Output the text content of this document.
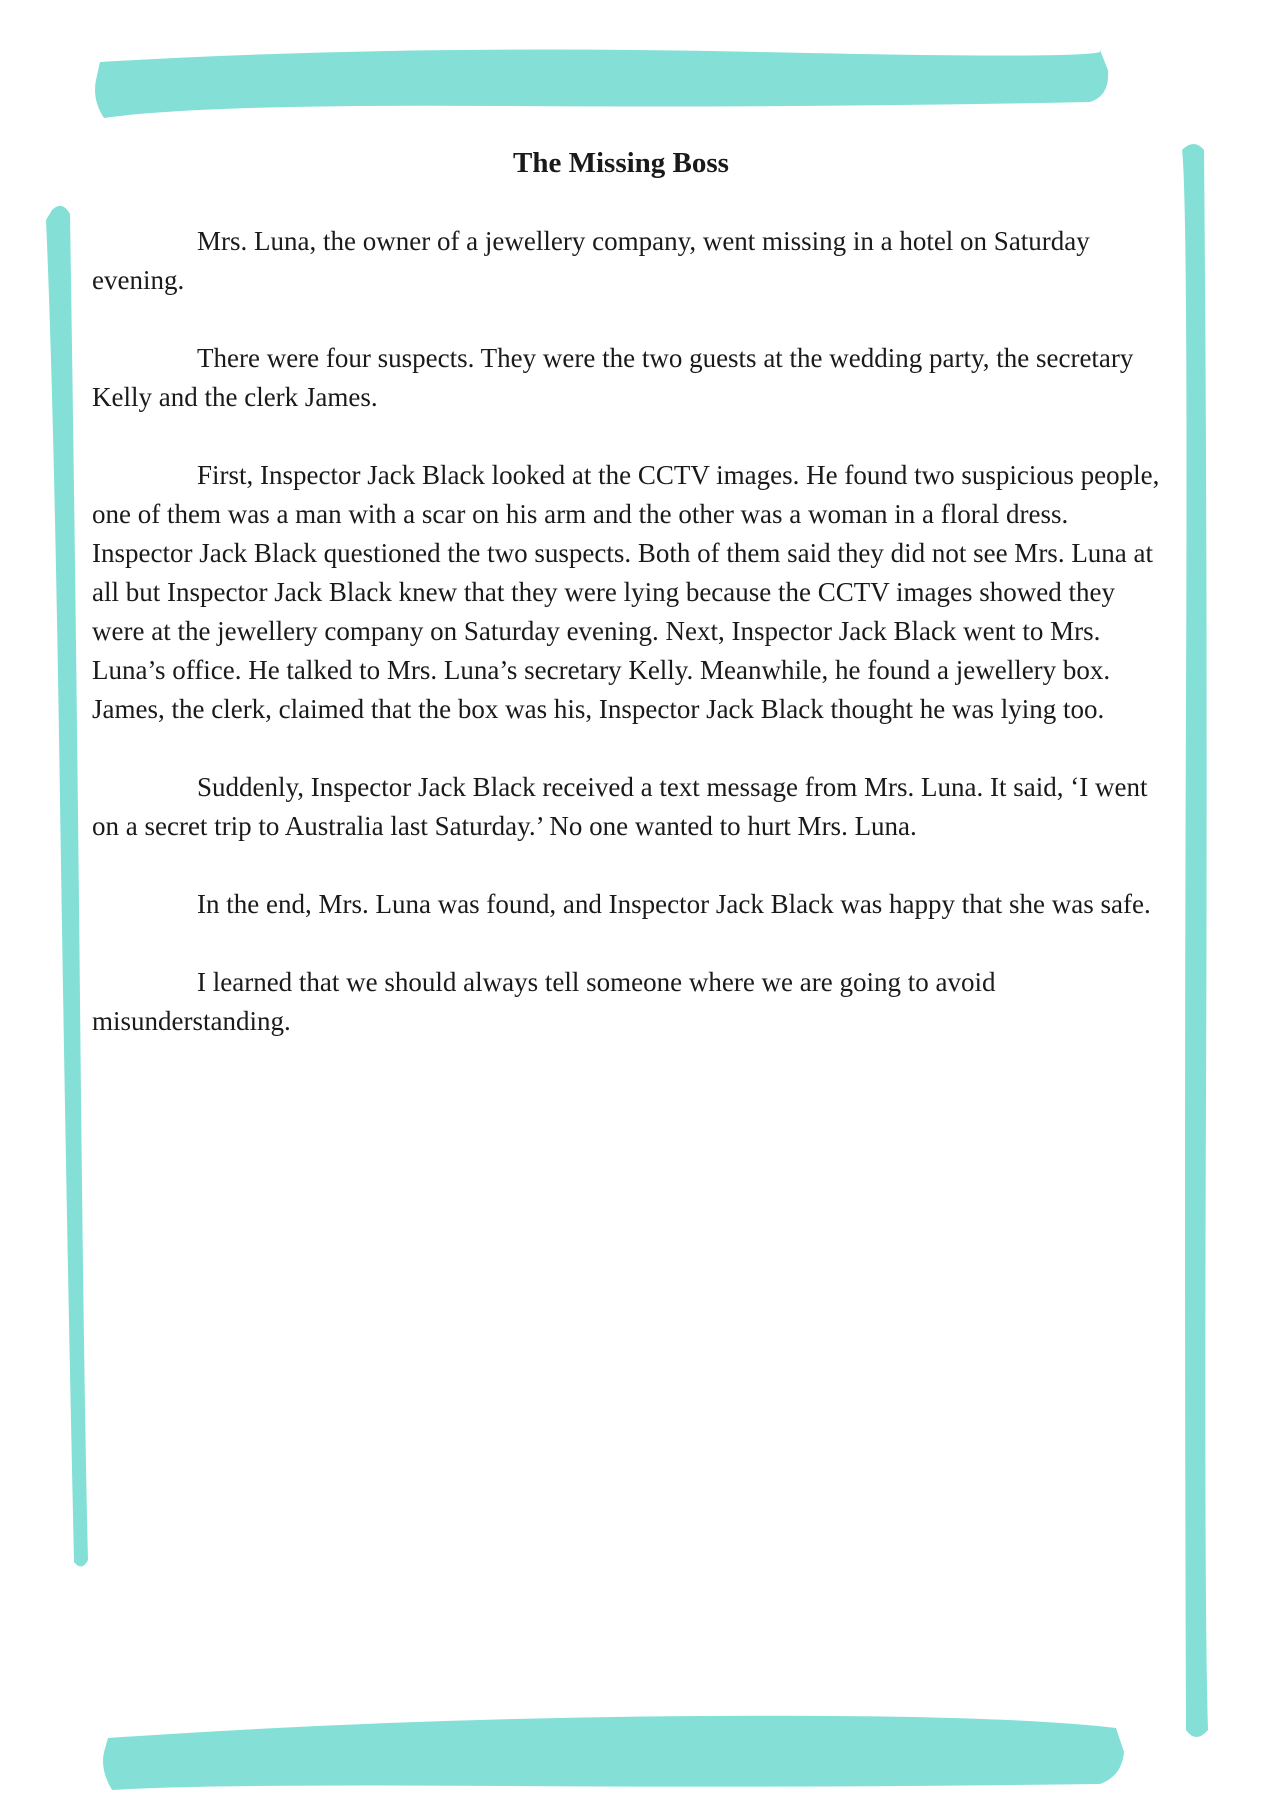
The Missing Boss

Mrs. Luna, the owner of a jewellery company, went missing in a hotel on Saturday evening.

There were four suspects. They were the two guests at the wedding party, the secretary Kelly and the clerk James.

First, Inspector Jack Black looked at the CCTV images. He found two suspicious people, one of them was a man with a scar on his arm and the other was a woman in a floral dress. Inspector Jack Black questioned the two suspects. Both of them said they did not see Mrs. Luna at all but Inspector Jack Black knew that they were lying because the CCTV images showed they were at the jewellery company on Saturday evening. Next, Inspector Jack Black went to Mrs. Luna’s office. He talked to Mrs. Luna’s secretary Kelly. Meanwhile, he found a jewellery box. James, the clerk, claimed that the box was his, Inspector Jack Black thought he was lying too.

Suddenly, Inspector Jack Black received a text message from Mrs. Luna. It said, ‘I went on a secret trip to Australia last Saturday.’ No one wanted to hurt Mrs. Luna.

In the end, Mrs. Luna was found, and Inspector Jack Black was happy that she was safe.

I learned that we should always tell someone where we are going to avoid misunderstanding.
